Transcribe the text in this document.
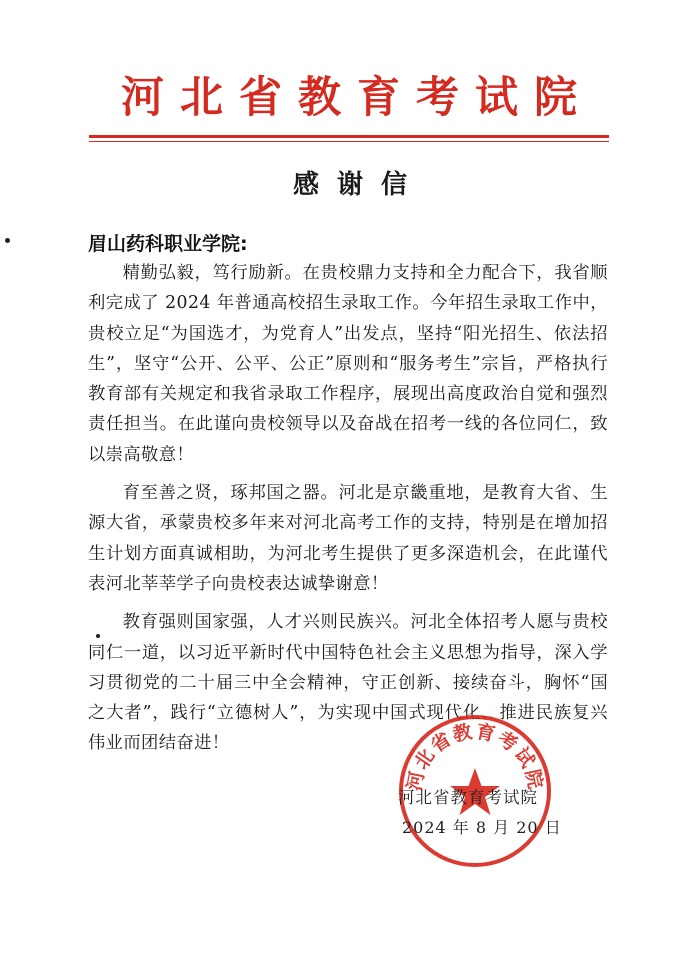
河北省教育考试院
感谢信
眉山药科职业学院:

精勤弘毅，笃行励新。在贵校鼎力支持和全力配合下，我省顺利完成了 2024 年普通高校招生录取工作。今年招生录取工作中，贵校立足“为国选才，为党育人”出发点，坚持“阳光招生、依法招生”，坚守“公开、公平、公正”原则和“服务考生”宗旨，严格执行教育部有关规定和我省录取工作程序，展现出高度政治自觉和强烈责任担当。在此谨向贵校领导以及奋战在招考一线的各位同仁，致以崇高敬意！

育至善之贤，琢邦国之器。河北是京畿重地，是教育大省、生源大省，承蒙贵校多年来对河北高考工作的支持，特别是在增加招生计划方面真诚相助，为河北考生提供了更多深造机会，在此谨代表河北莘莘学子向贵校表达诚挚谢意！

教育强则国家强，人才兴则民族兴。河北全体招考人愿与贵校同仁一道，以习近平新时代中国特色社会主义思想为指导，深入学习贯彻党的二十届三中全会精神，守正创新、接续奋斗，胸怀“国之大者”，践行“立德树人”，为实现中国式现代化、推进民族复兴伟业而团结奋进！

河北省教育考试院
河北省教育考试院
2024 年 8 月 20 日
